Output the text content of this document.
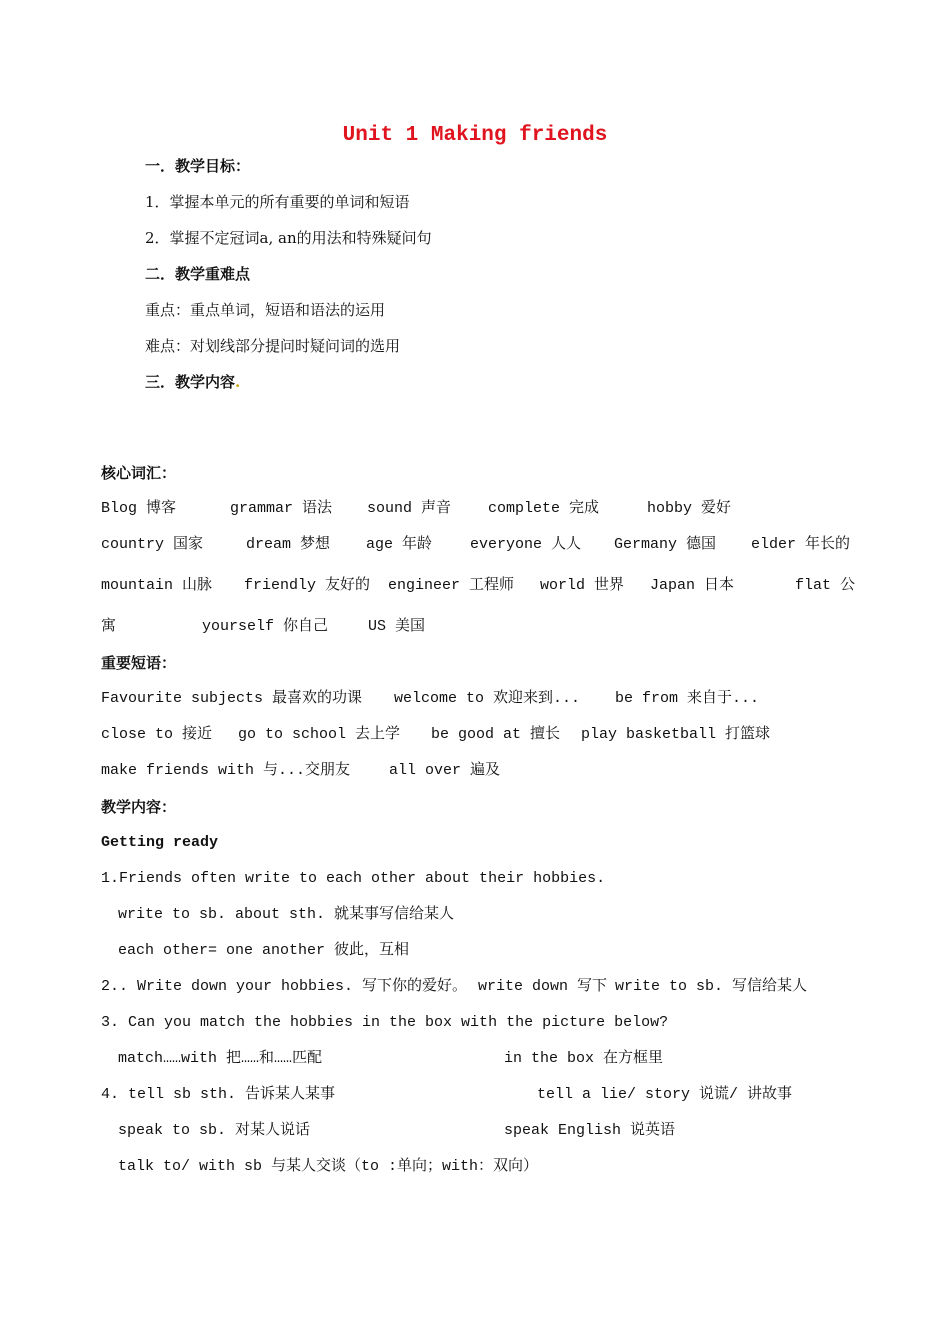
Unit 1 Making friends
一．教学目标：
1．掌握本单元的所有重要的单词和短语
2．掌握不定冠词a, an的用法和特殊疑问句
二．教学重难点
重点：重点单词，短语和语法的运用
难点：对划线部分提问时疑问词的选用
三．教学内容.
核心词汇：
Blog 博客	grammar 语法 sound 声音 complete 完成	hobby 爱好
country 国家	dream 梦想 age 年龄	everyone 人人 Germany 德国 elder 年长的
mountain 山脉 friendly 友好的 engineer 工程师 world 世界 Japan 日本	flat 公
寓	yourself 你自己	US 美国
重要短语：
Favourite subjects 最喜欢的功课 welcome to 欢迎来到... be from 来自于...
close to 接近 go to school 去上学 be good at 擅长 play basketball 打篮球
make friends with 与...交朋友	all over 遍及
教学内容：
Getting ready
1.Friends often write to each other about their hobbies.
write to sb. about sth. 就某事写信给某人
each other= one another 彼此，互相
2.. Write down your hobbies. 写下你的爱好。 write down 写下 write to sb. 写信给某人
3. Can you match the hobbies in the box with the picture below?
match……with 把……和……匹配	in the box 在方框里
4. tell sb sth. 告诉某人某事	tell a lie/ story 说谎/ 讲故事
speak to sb. 对某人说话	speak English 说英语
talk to/ with sb 与某人交谈（to :单向；with：双向）
